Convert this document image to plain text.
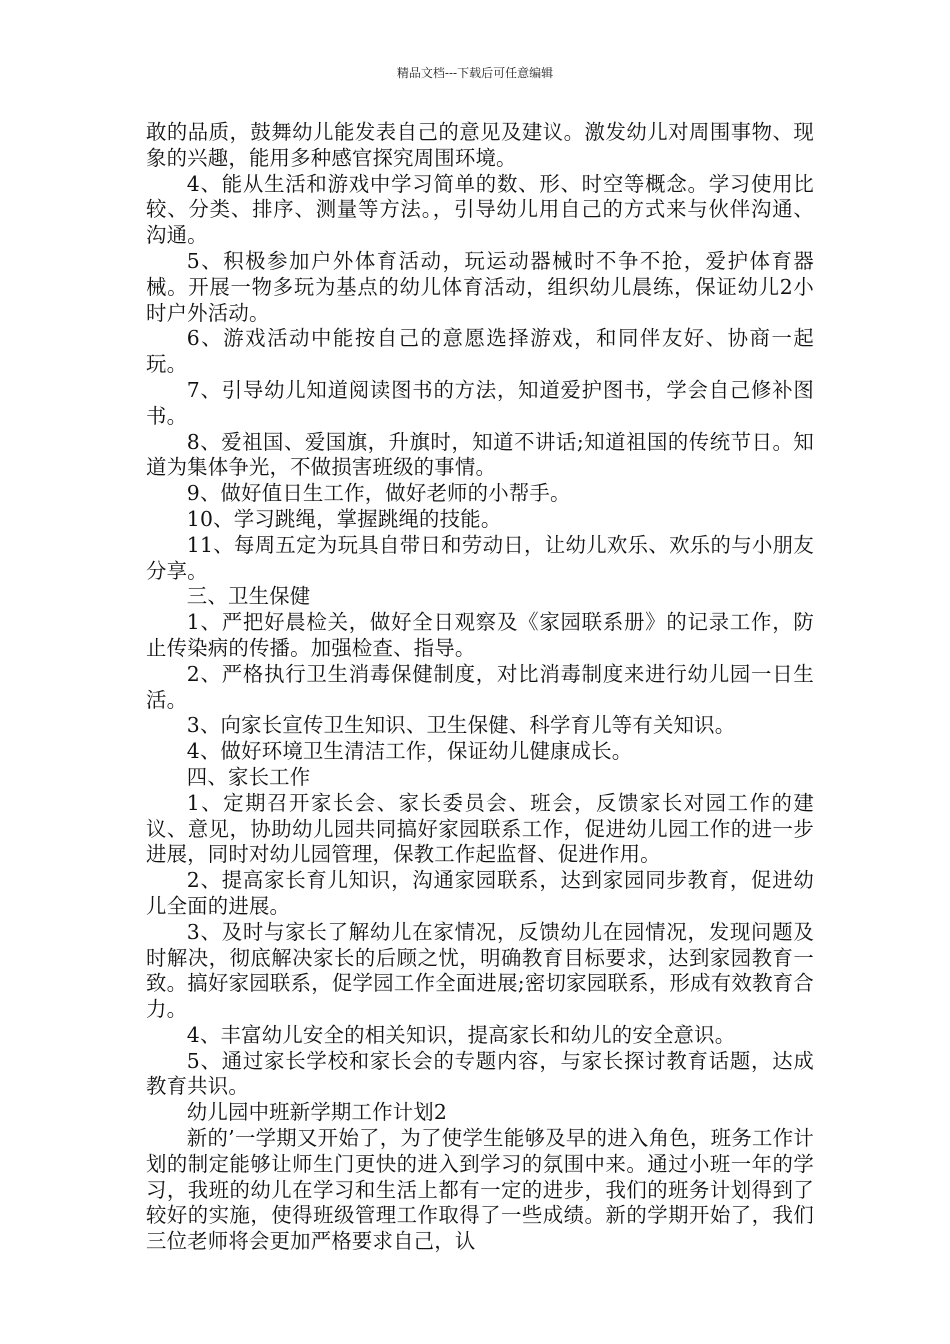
精品文档---下载后可任意编辑

敢的品质，鼓舞幼儿能发表自己的意见及建议。激发幼儿对周围事物、现象的兴趣，能用多种感官探究周围环境。

4、能从生活和游戏中学习简单的数、形、时空等概念。学习使用比较、分类、排序、测量等方法。，引导幼儿用自己的方式来与伙伴沟通、沟通。

5、积极参加户外体育活动，玩运动器械时不争不抢，爱护体育器械。开展一物多玩为基点的幼儿体育活动，组织幼儿晨练，保证幼儿2小时户外活动。

6、游戏活动中能按自己的意愿选择游戏，和同伴友好、协商一起玩。

7、引导幼儿知道阅读图书的方法，知道爱护图书，学会自己修补图书。

8、爱祖国、爱国旗，升旗时，知道不讲话;知道祖国的传统节日。知道为集体争光，不做损害班级的事情。

9、做好值日生工作，做好老师的小帮手。

10、学习跳绳，掌握跳绳的技能。

11、每周五定为玩具自带日和劳动日，让幼儿欢乐、欢乐的与小朋友分享。

三、卫生保健

1、严把好晨检关，做好全日观察及《家园联系册》的记录工作，防止传染病的传播。加强检查、指导。

2、严格执行卫生消毒保健制度，对比消毒制度来进行幼儿园一日生活。

3、向家长宣传卫生知识、卫生保健、科学育儿等有关知识。

4、做好环境卫生清洁工作，保证幼儿健康成长。

四、家长工作

1、定期召开家长会、家长委员会、班会，反馈家长对园工作的建议、意见，协助幼儿园共同搞好家园联系工作，促进幼儿园工作的进一步进展，同时对幼儿园管理，保教工作起监督、促进作用。

2、提高家长育儿知识，沟通家园联系，达到家园同步教育，促进幼儿全面的进展。

3、及时与家长了解幼儿在家情况，反馈幼儿在园情况，发现问题及时解决，彻底解决家长的后顾之忧，明确教育目标要求，达到家园教育一致。搞好家园联系，促学园工作全面进展;密切家园联系，形成有效教育合力。

4、丰富幼儿安全的相关知识，提高家长和幼儿的安全意识。

5、通过家长学校和家长会的专题内容，与家长探讨教育话题，达成教育共识。

幼儿园中班新学期工作计划2

新的’一学期又开始了，为了使学生能够及早的进入角色，班务工作计划的制定能够让师生门更快的进入到学习的氛围中来。通过小班一年的学习，我班的幼儿在学习和生活上都有一定的进步，我们的班务计划得到了较好的实施，使得班级管理工作取得了一些成绩。新的学期开始了，我们三位老师将会更加严格要求自己，认
